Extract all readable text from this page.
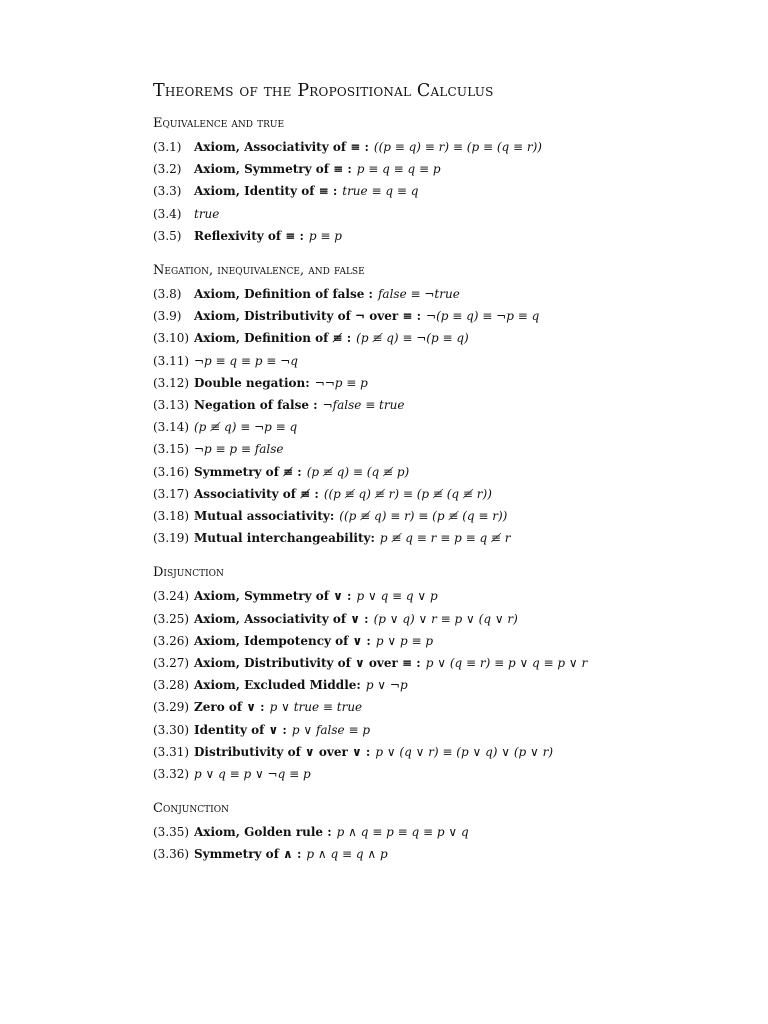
Theorems of the Propositional Calculus
Equivalence and true
(3.1)	Axiom, Associativity of ≡ : ((p ≡ q) ≡ r) ≡ (p ≡ (q ≡ r))
(3.2)	Axiom, Symmetry of ≡ : p ≡ q ≡ q ≡ p
(3.3)	Axiom, Identity of ≡ : true ≡ q ≡ q
(3.4)	true
(3.5)	Reflexivity of ≡ : p ≡ p
Negation, inequivalence, and false
(3.8)	Axiom, Definition of false : false ≡ ¬true
(3.9)	Axiom, Distributivity of ¬ over ≡ : ¬(p ≡ q) ≡ ¬p ≡ q
(3.10) Axiom, Definition of ≢ : (p ≢ q) ≡ ¬(p ≡ q)
(3.11) ¬p ≡ q ≡ p ≡ ¬q
(3.12) Double negation: ¬¬p ≡ p
(3.13) Negation of false : ¬false ≡ true
(3.14) (p ≢ q) ≡ ¬p ≡ q
(3.15) ¬p ≡ p ≡ false
(3.16) Symmetry of ≢ : (p ≢ q) ≡ (q ≢ p)
(3.17) Associativity of ≢ : ((p ≢ q) ≢ r) ≡ (p ≢ (q ≢ r))
(3.18) Mutual associativity: ((p ≢ q) ≡ r) ≡ (p ≢ (q ≡ r))
(3.19) Mutual interchangeability: p ≢ q ≡ r ≡ p ≡ q ≢ r
Disjunction
(3.24) Axiom, Symmetry of ∨ : p ∨ q ≡ q ∨ p
(3.25) Axiom, Associativity of ∨ : (p ∨ q) ∨ r ≡ p ∨ (q ∨ r)
(3.26) Axiom, Idempotency of ∨ : p ∨ p ≡ p
(3.27) Axiom, Distributivity of ∨ over ≡ : p ∨ (q ≡ r) ≡ p ∨ q ≡ p ∨ r
(3.28) Axiom, Excluded Middle: p ∨ ¬p
(3.29) Zero of ∨ : p ∨ true ≡ true
(3.30) Identity of ∨ : p ∨ false ≡ p
(3.31) Distributivity of ∨ over ∨ : p ∨ (q ∨ r) ≡ (p ∨ q) ∨ (p ∨ r)
(3.32) p ∨ q ≡ p ∨ ¬q ≡ p
Conjunction
(3.35) Axiom, Golden rule : p ∧ q ≡ p ≡ q ≡ p ∨ q
(3.36) Symmetry of ∧ : p ∧ q ≡ q ∧ p
